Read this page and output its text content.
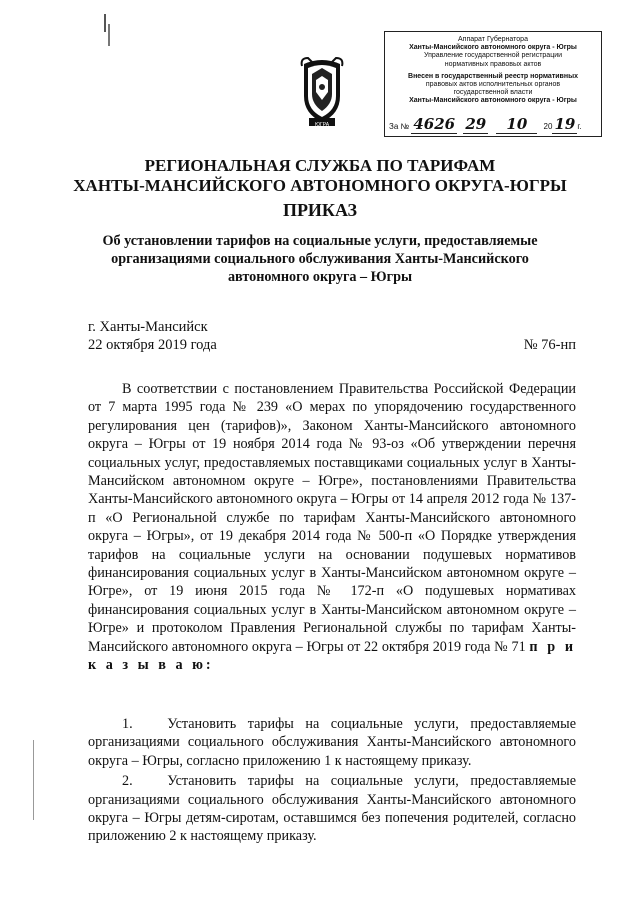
Аппарат Губернатора
Ханты-Мансийского автономного округа - Югры
Управление государственной регистрации
нормативных правовых актов
Внесен в государственный реестр нормативных
правовых актов исполнительных органов
государственной власти
Ханты-Мансийского автономного округа - Югры
За № 4626 29 10 20 19 г.
ЮГРА
РЕГИОНАЛЬНАЯ СЛУЖБА ПО ТАРИФАМ
ХАНТЫ-МАНСИЙСКОГО АВТОНОМНОГО ОКРУГА-ЮГРЫ
ПРИКАЗ
Об установлении тарифов на социальные услуги, предоставляемые организациями социального обслуживания Ханты-Мансийского автономного округа – Югры
г. Ханты-Мансийск
22 октября 2019 года	№ 76-нп

В соответствии с постановлением Правительства Российской Федерации от 7 марта 1995 года № 239 «О мерах по упорядочению государственного регулирования цен (тарифов)», Законом Ханты-Мансийского автономного округа – Югры от 19 ноября 2014 года № 93-оз «Об утверждении перечня социальных услуг, предоставляемых поставщиками социальных услуг в Ханты-Мансийском автономном округе – Югре», постановлениями Правительства Ханты-Мансийского автономного округа – Югры от 14 апреля 2012 года № 137-п «О Региональной службе по тарифам Ханты-Мансийского автономного округа – Югры», от 19 декабря 2014 года № 500-п «О Порядке утверждения тарифов на социальные услуги на основании подушевых нормативов финансирования социальных услуг в Ханты-Мансийском автономном округе – Югре», от 19 июня 2015 года № 172-п «О подушевых нормативах финансирования социальных услуг в Ханты-Мансийском автономном округе – Югре» и протоколом Правления Региональной службы по тарифам Ханты-Мансийского автономного округа – Югры от 22 октября 2019 года № 71 п р и к а з ы в а ю:

1.   Установить тарифы на социальные услуги, предоставляемые организациями социального обслуживания Ханты-Мансийского автономного округа – Югры, согласно приложению 1 к настоящему приказу.

2.   Установить тарифы на социальные услуги, предоставляемые организациями социального обслуживания Ханты-Мансийского автономного округа – Югры детям-сиротам, оставшимся без попечения родителей, согласно приложению 2 к настоящему приказу.
